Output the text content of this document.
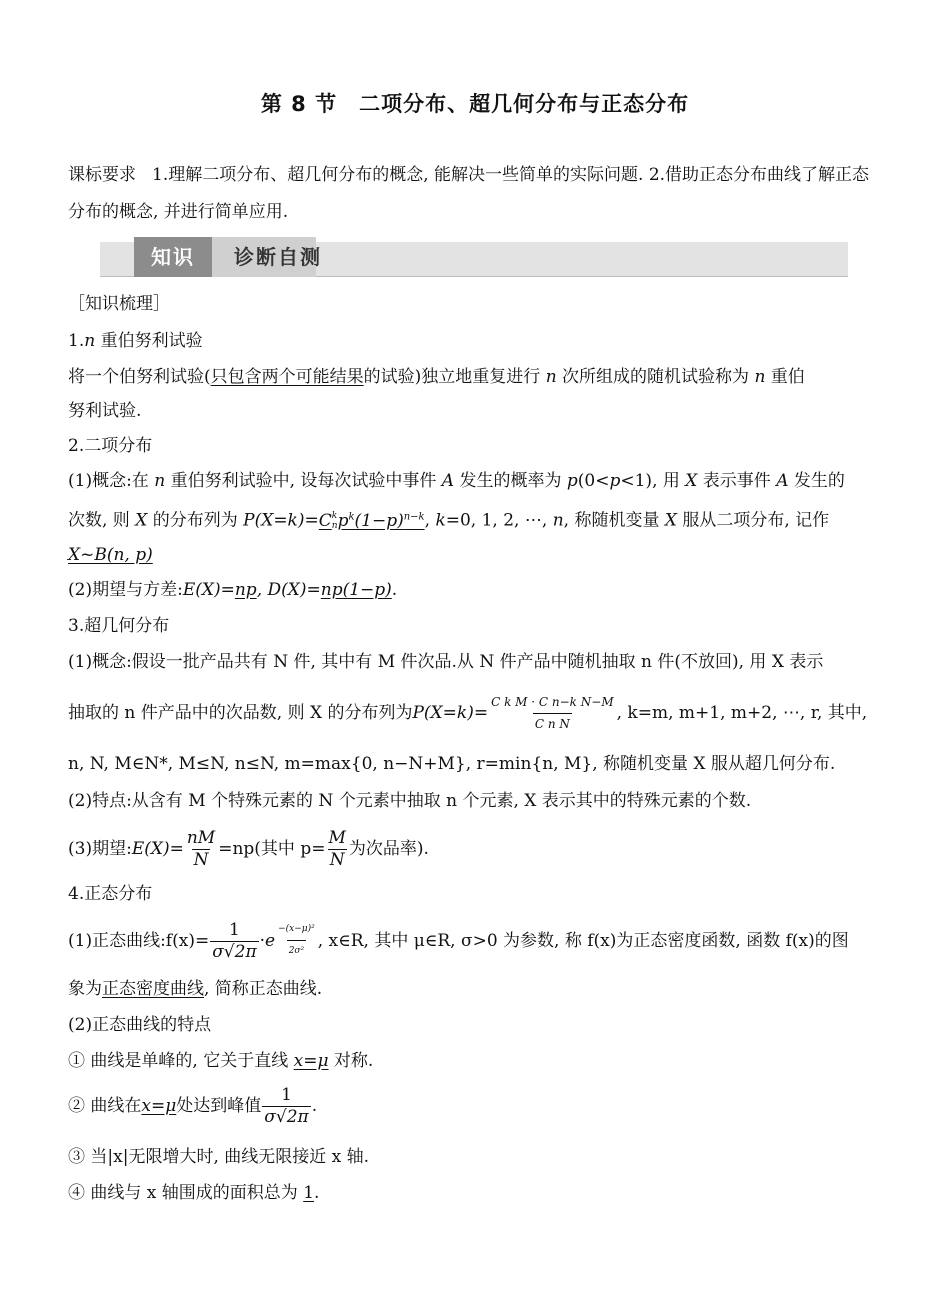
第 8 节 二项分布、超几何分布与正态分布
课标要求 1.理解二项分布、超几何分布的概念, 能解决一些简单的实际问题. 2.借助正态分布曲线了解正态分布的概念, 并进行简单应用.
知识	诊断自测
［知识梳理］
1.n 重伯努利试验
将一个伯努利试验(只包含两个可能结果的试验)独立地重复进行 n 次所组成的随机试验称为 n 重伯
努利试验.
2.二项分布
(1)概念:在 n 重伯努利试验中, 设每次试验中事件 A 发生的概率为 p(0<p<1), 用 X 表示事件 A 发生的
次数, 则 X 的分布列为 P(X=k)=C k
n $p^k(1-p)^{n-k}$, k=0, 1, 2, ⋯, n, 称随机变量 X 服从二项分布, 记作
X~B(n, p)
(2)期望与方差:E(X)=np, D(X)=np(1−p).
3.超几何分布
(1)概念:假设一批产品共有 N 件, 其中有 M 件次品.从 N 件产品中随机抽取 n 件(不放回), 用 X 表示
抽取的 n 件产品中的次品数, 则 X 的分布列为 $P(X=k)= \frac{\text{C k M · C n−k N−M}}{\text{C n N}}$ , k=m, m+1, m+2, ⋯, r, 其中,
n, N, M∈N*, M≤N, n≤N, m=max{0, n−N+M}, r=min{n, M}, 称随机变量 X 服从超几何分布.
(2)特点:从含有 M 个特殊元素的 N 个元素中抽取 n 个元素, X 表示其中的特殊元素的个数.
(3)期望: $E(X)= \frac{nM}{N} =np$(其中 $p= \frac{M}{N}$ 为次品率).
4.正态分布
(1)正态曲线:f(x)= $\frac{1}{\sigma√2\pi} \cdot e \frac{\text{−(x−μ)²}}{\text{2σ²}}$ , x∈R, 其中 μ∈R, σ>0 为参数, 称 f(x)为正态密度函数, 函数 f(x)的图
象为正态密度曲线, 简称正态曲线.
(2)正态曲线的特点
① 曲线是单峰的, 它关于直线 x=μ 对称.
② 曲线在 x=μ 处达到峰值 $\frac{1}{\sigma√2\pi}$ .
③ 当|x|无限增大时, 曲线无限接近 x 轴.
④ 曲线与 x 轴围成的面积总为 1.
